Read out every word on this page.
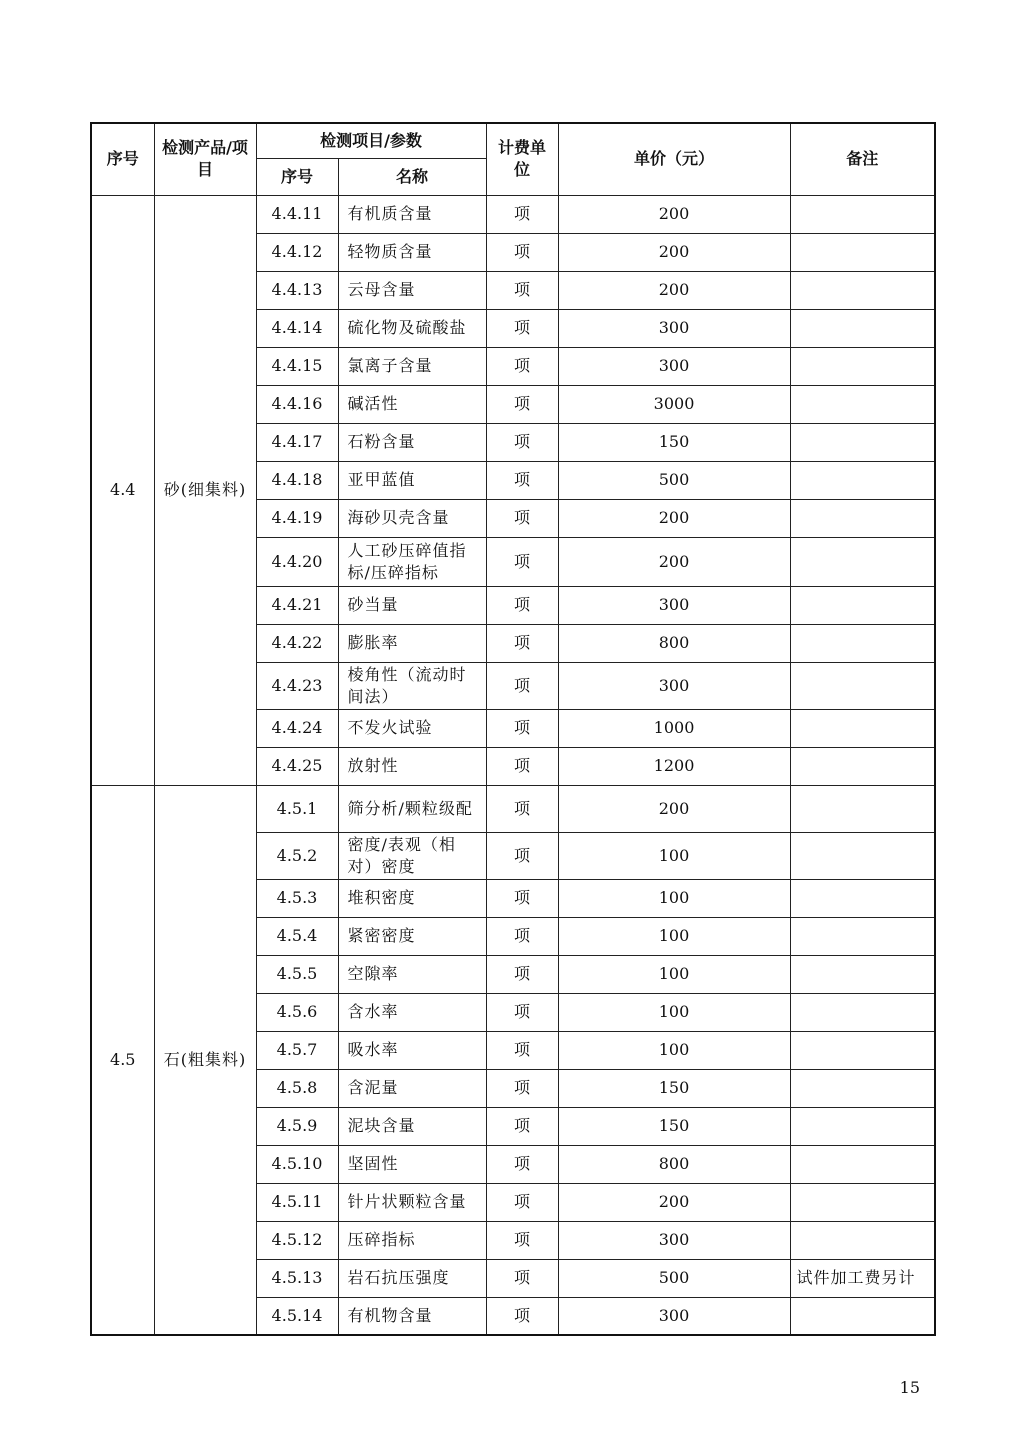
序号	检测产品/项目	检测项目/参数		计费单位	单价（元）	备注
		序号	名称			
4.4	砂(细集料)	4.4.11	有机质含量	项	200	
		4.4.12	轻物质含量	项	200	
		4.4.13	云母含量	项	200	
		4.4.14	硫化物及硫酸盐	项	300	
		4.4.15	氯离子含量	项	300	
		4.4.16	碱活性	项	3000	
		4.4.17	石粉含量	项	150	
		4.4.18	亚甲蓝值	项	500	
		4.4.19	海砂贝壳含量	项	200	
		4.4.20	人工砂压碎值指标/压碎指标	项	200	
		4.4.21	砂当量	项	300	
		4.4.22	膨胀率	项	800	
		4.4.23	棱角性（流动时间法）	项	300	
		4.4.24	不发火试验	项	1000	
		4.4.25	放射性	项	1200	
4.5	石(粗集料)	4.5.1	筛分析/颗粒级配	项	200	
		4.5.2	密度/表观（相对）密度	项	100	
		4.5.3	堆积密度	项	100	
		4.5.4	紧密密度	项	100	
		4.5.5	空隙率	项	100	
		4.5.6	含水率	项	100	
		4.5.7	吸水率	项	100	
		4.5.8	含泥量	项	150	
		4.5.9	泥块含量	项	150	
		4.5.10	坚固性	项	800	
		4.5.11	针片状颗粒含量	项	200	
		4.5.12	压碎指标	项	300	
		4.5.13	岩石抗压强度	项	500	试件加工费另计
		4.5.14	有机物含量	项	300	
15
